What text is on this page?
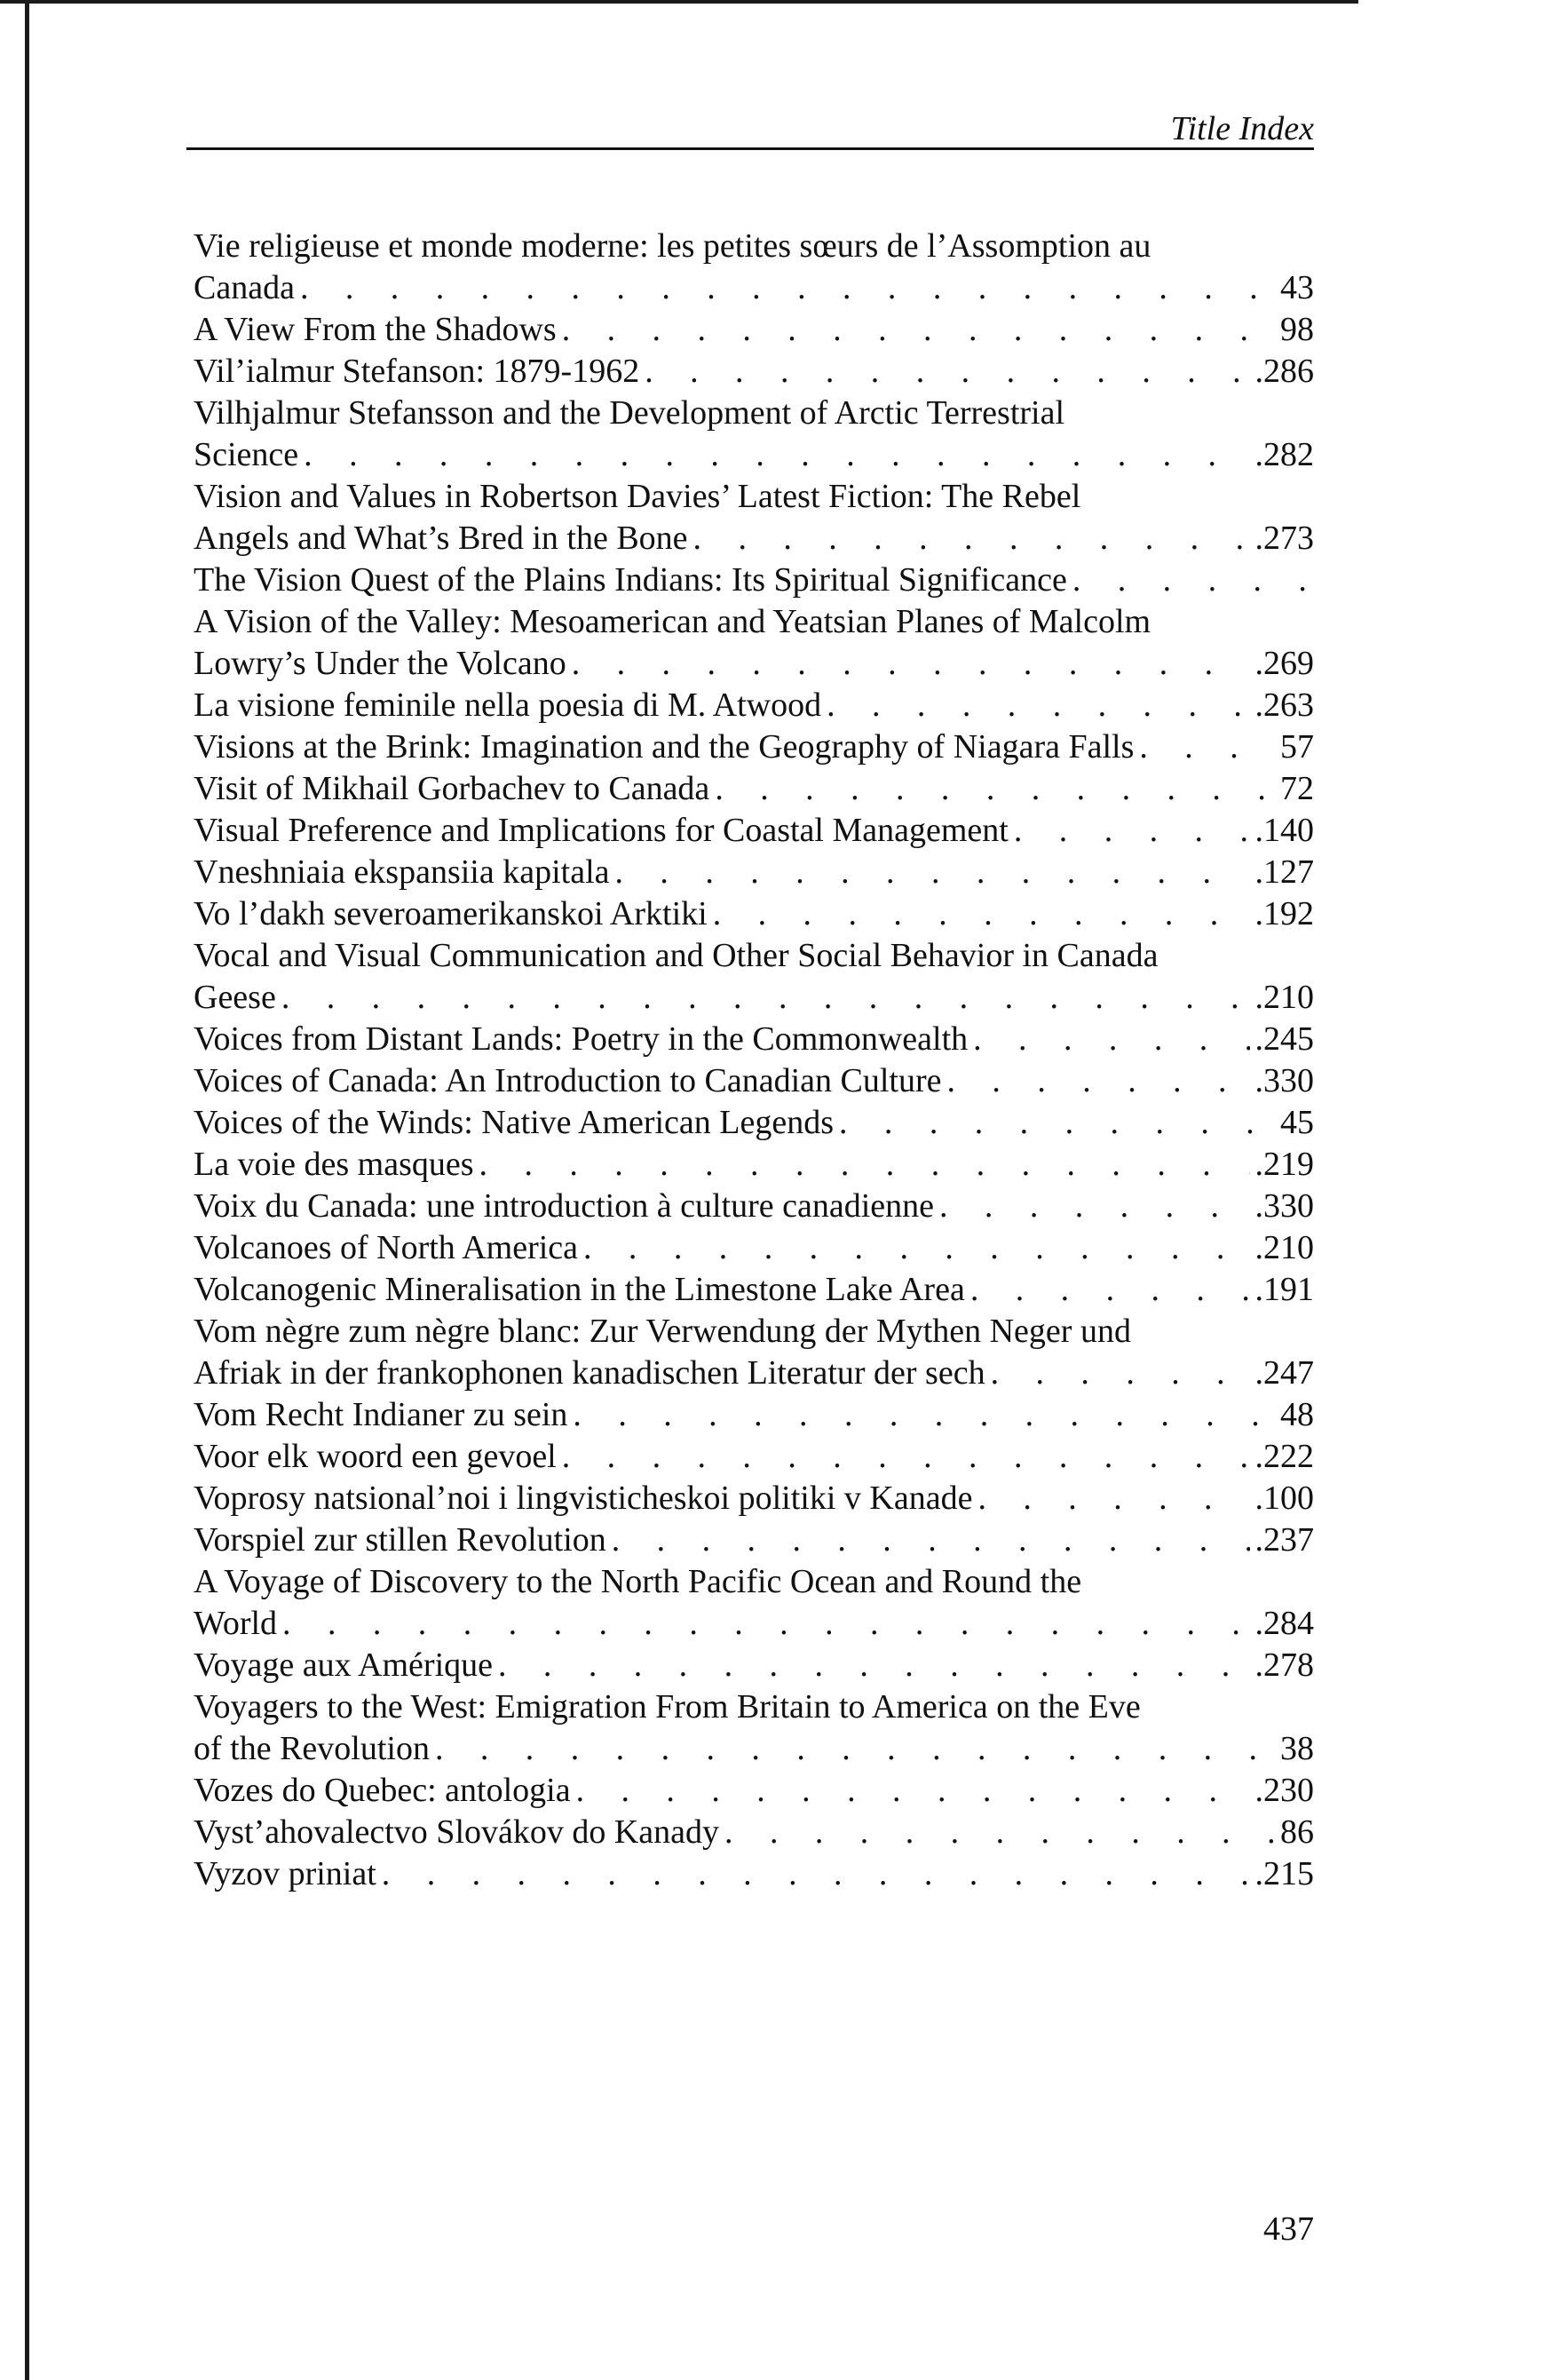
Title Index
Vie religieuse et monde moderne: les petites sœurs de l’Assomption au
Canada . . .	43
A View From the Shadows . . .	98
Vil’ialmur Stefanson: 1879-1962 . . .	.286
Vilhjalmur Stefansson and the Development of Arctic Terrestrial
Science . . .	.282
Vision and Values in Robertson Davies’ Latest Fiction: The Rebel
Angels and What’s Bred in the Bone . . .	.273
The Vision Quest of the Plains Indians: Its Spiritual Significance
. . .
A Vision of the Valley: Mesoamerican and Yeatsian Planes of Malcolm
Lowry’s Under the Volcano . . .	.269
La visione feminile nella poesia di M. Atwood . . .	.263
Visions at the Brink: Imagination and the Geography of Niagara Falls . . .	57
Visit of Mikhail Gorbachev to Canada . . .	72
Visual Preference and Implications for Coastal Management . . .	.140
Vneshniaia ekspansiia kapitala . . .	.127
Vo l’dakh severoamerikanskoi Arktiki . . .	.192
Vocal and Visual Communication and Other Social Behavior in Canada
Geese . . .	.210
Voices from Distant Lands: Poetry in the Commonwealth . . .	.245
Voices of Canada: An Introduction to Canadian Culture . . .	.330
Voices of the Winds: Native American Legends . . .	45
La voie des masques . . .	.219
Voix du Canada: une introduction à culture canadienne . . .	.330
Volcanoes of North America . . .	.210
Volcanogenic Mineralisation in the Limestone Lake Area . . .	.191
Vom nègre zum nègre blanc: Zur Verwendung der Mythen Neger und
Afriak in der frankophonen kanadischen Literatur der sech . . .	.247
Vom Recht Indianer zu sein . . .	48
Voor elk woord een gevoel . . .	.222
Voprosy natsional’noi i lingvisticheskoi politiki v Kanade . . .	.100
Vorspiel zur stillen Revolution . . .	.237
A Voyage of Discovery to the North Pacific Ocean and Round the
World . . .	.284
Voyage aux Amérique . . .	.278
Voyagers to the West: Emigration From Britain to America on the Eve
of the Revolution . . .	38
Vozes do Quebec: antologia . . .	.230
Vyst’ahovalectvo Slovákov do Kanady . . .	86
Vyzov priniat . . .	.215
437
